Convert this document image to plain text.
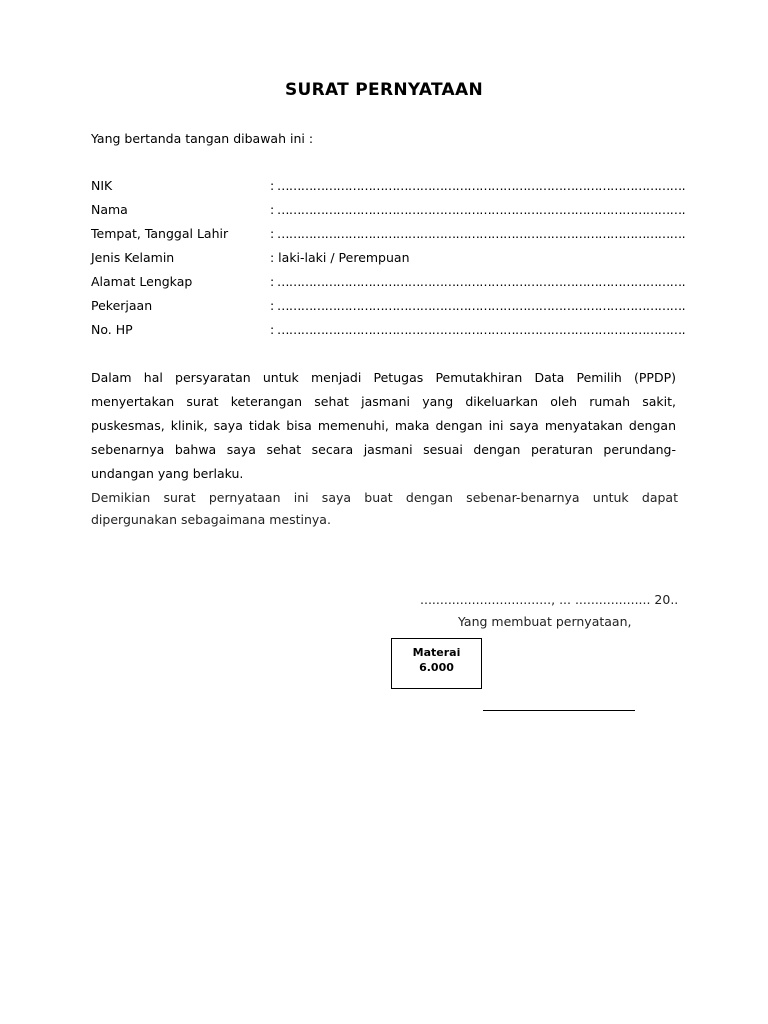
SURAT PERNYATAAN
Yang bertanda tangan dibawah ini :
NIK	: ………………………………………………………………………………………….
Nama	: ………………………………………………………………………………………….
Tempat, Tanggal Lahir	: ………………………………………………………………………………………….
Jenis Kelamin	: laki-laki / Perempuan
Alamat Lengkap	: ………………………………………………………………………………………….
Pekerjaan	: ………………………………………………………………………………………….
No. HP	: ………………………………………………………………………………………….
Dalam hal persyaratan untuk menjadi Petugas Pemutakhiran Data Pemilih (PPDP) menyertakan surat keterangan sehat jasmani yang dikeluarkan oleh rumah sakit, puskesmas, klinik, saya tidak bisa memenuhi, maka dengan ini saya menyatakan dengan sebenarnya bahwa saya sehat secara jasmani sesuai dengan peraturan perundang-undangan yang berlaku.
Demikian surat pernyataan ini saya buat dengan sebenar-benarnya untuk dapat dipergunakan sebagaimana mestinya.
................................., ... ................... 20..
Yang membuat pernyataan,
Materai
6.000
